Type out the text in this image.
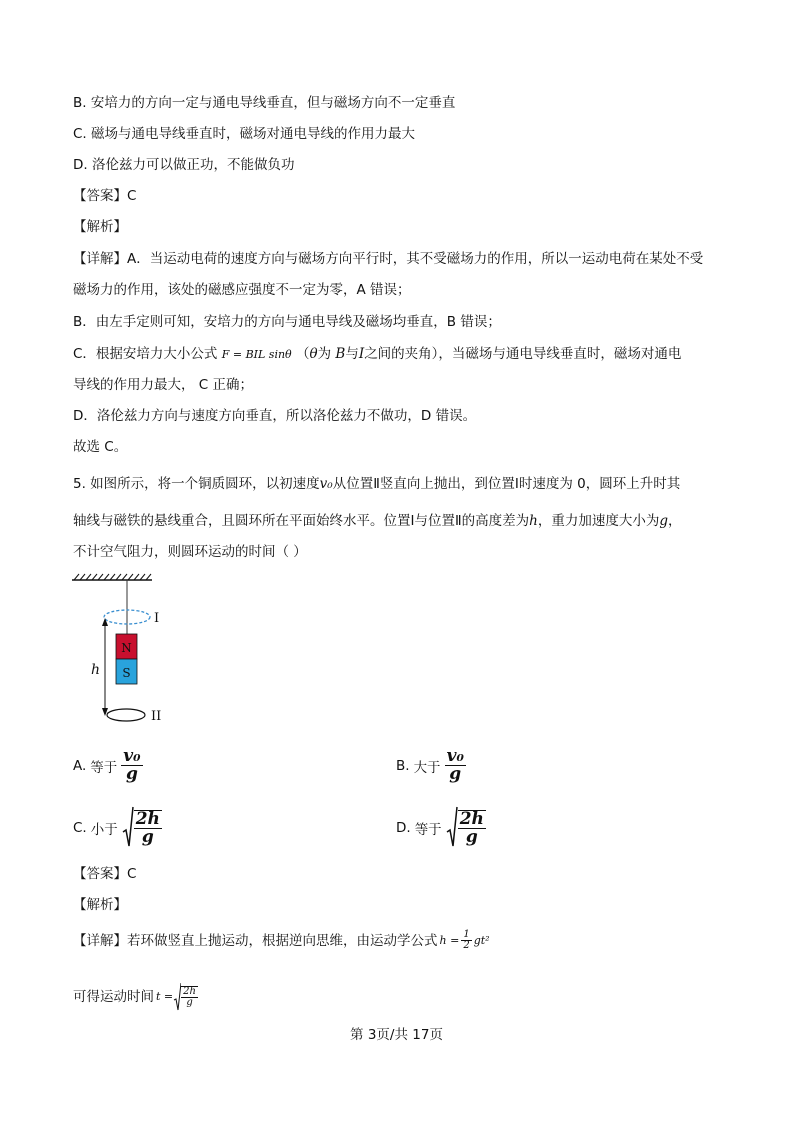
B. 安培力的方向一定与通电导线垂直，但与磁场方向不一定垂直
C. 磁场与通电导线垂直时，磁场对通电导线的作用力最大
D. 洛伦兹力可以做正功，不能做负功
【答案】C
【解析】
【详解】A．当运动电荷的速度方向与磁场方向平行时，其不受磁场力的作用，所以一运动电荷在某处不受
磁场力的作用，该处的磁感应强度不一定为零，A 错误；
B．由左手定则可知，安培力的方向与通电导线及磁场均垂直，B 错误；
C．根据安培力大小公式 F = BIL sinθ （θ为 B与I之间的夹角），当磁场与通电导线垂直时，磁场对通电
导线的作用力最大， C 正确；
D．洛伦兹力方向与速度方向垂直，所以洛伦兹力不做功，D 错误。
故选 C。
5. 如图所示，将一个铜质圆环，以初速度v₀从位置Ⅱ竖直向上抛出，到位置Ⅰ时速度为 0，圆环上升时其
轴线与磁铁的悬线重合，且圆环所在平面始终水平。位置Ⅰ与位置Ⅱ的高度差为h，重力加速度大小为g，
不计空气阻力，则圆环运动的时间（ ）
I
N
S
h
II
A. 等于 $\frac{\text{v₀}}{g}$	B. 大于 $\frac{\text{v₀}}{g}$
C. 小于 $\frac{2h}{g}$	D. 等于 $\frac{2h}{g}$
【答案】C
【解析】
【详解】若环做竖直上抛运动，根据逆向思维，由运动学公式 $h = \frac{1}{2} gt^2$
可得运动时间 $t = \frac{2h}{g}$
第 3页/共 17页
